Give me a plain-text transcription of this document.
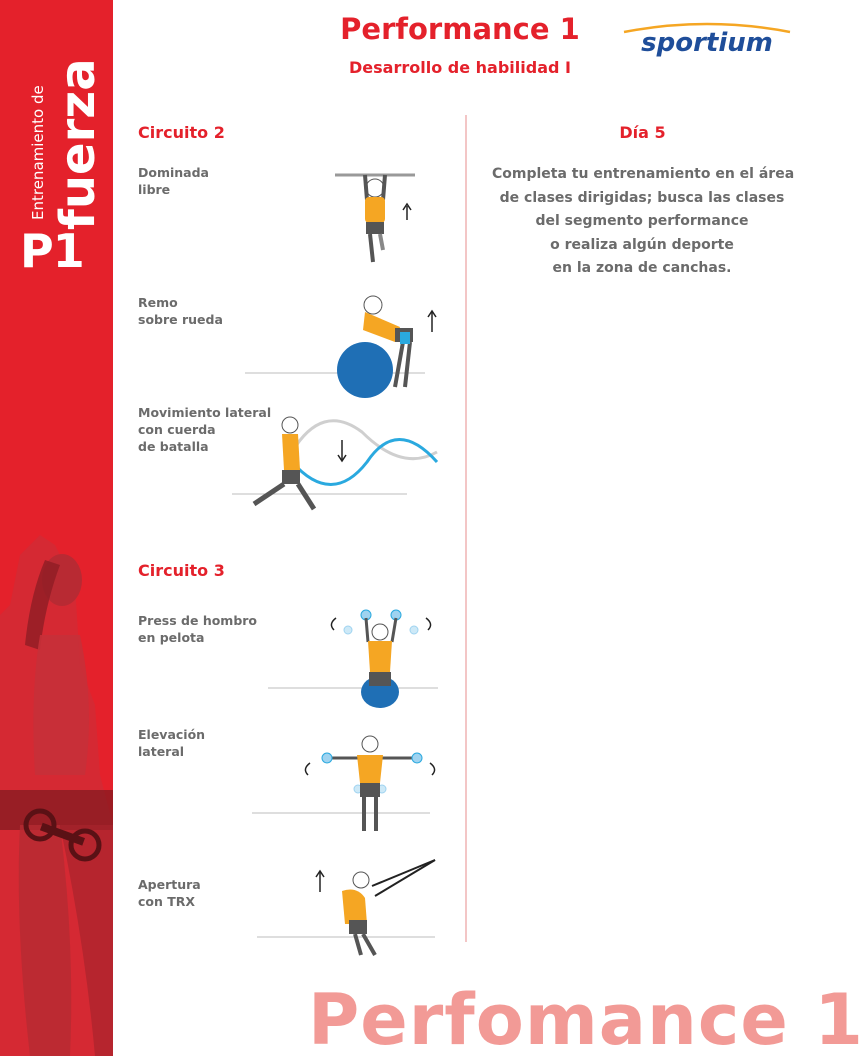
Entrenamiento de fuerza
P1
Performance 1
Desarrollo de habilidad I
sportium
Circuito 2
Dominada
libre
Remo
sobre rueda
Movimiento lateral
con cuerda
de batalla
Circuito 3
Press de hombro
en pelota
Elevación
lateral
Apertura
con TRX
Día 5
Completa tu entrenamiento en el área
de clases dirigidas; busca las clases
del segmento performance
o realiza algún deporte
en la zona de canchas.
Perfomance 1
